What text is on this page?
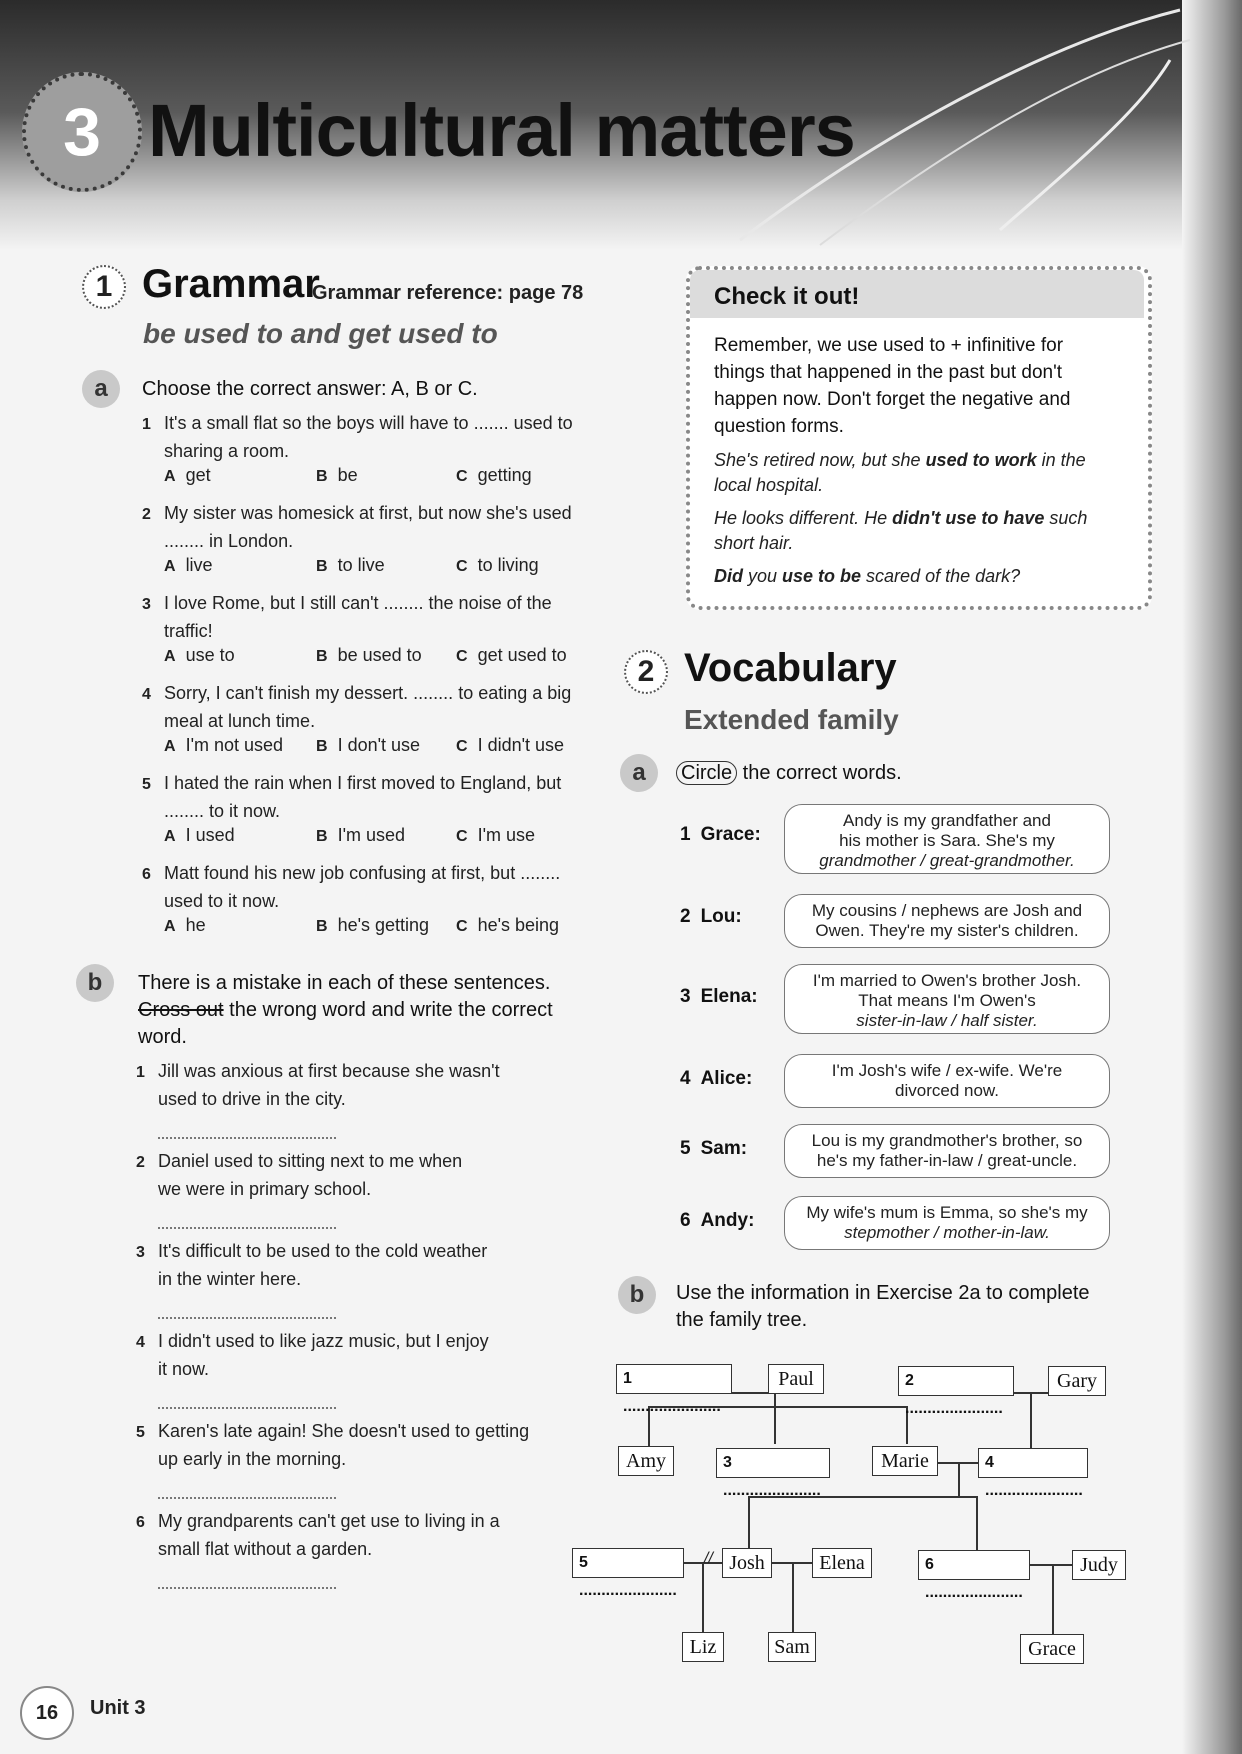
3 Multicultural matters
1 Grammar
Grammar reference: page 78
be used to and get used to
a	Choose the correct answer: A, B or C.
1 It's a small flat so the boys will have to ....... used to
sharing a room.
A get	B be	C getting
2 My sister was homesick at first, but now she's used
........ in London.
A live	B to live	C to living
3 I love Rome, but I still can't ........ the noise of the
traffic!
A use to	B be used to	C get used to
4 Sorry, I can't finish my dessert. ........ to eating a big
meal at lunch time.
A I'm not used	B I don't use	C I didn't use
5 I hated the rain when I first moved to England, but
........ to it now.
A I used	B I'm used	C I'm use
6 Matt found his new job confusing at first, but ........
used to it now.
A he	B he's getting	C he's being
b	There is a mistake in each of these sentences.
Cross out the wrong word and write the correct
word.
1 Jill was anxious at first because she wasn't
used to drive in the city.
2 Daniel used to sitting next to me when
we were in primary school.
3 It's difficult to be used to the cold weather
in the winter here.
4 I didn't used to like jazz music, but I enjoy
it now.
5 Karen's late again! She doesn't used to getting
up early in the morning.
6 My grandparents can't get use to living in a
small flat without a garden.
Check it out!
Remember, we use used to + infinitive for
things that happened in the past but don't
happen now. Don't forget the negative and
question forms.
She's retired now, but she used to work in the
local hospital.
He looks different. He didn't use to have such
short hair.
Did you use to be scared of the dark?
2 Vocabulary
Extended family
a	Circle the correct words.
1 Grace:
Andy is my grandfather and
his mother is Sara. She's my
grandmother / great-grandmother.
2 Lou:	My cousins / nephews are Josh and
Owen. They're my sister's children.
3 Elena:
I'm married to Owen's brother Josh.
That means I'm Owen's
sister-in-law / half sister.
4 Alice:	I'm Josh's wife / ex-wife. We're
divorced now.
5 Sam:	Lou is my grandmother's brother, so
he's my father-in-law / great-uncle.
6 Andy:	My wife's mum is Emma, so she's my
stepmother / mother-in-law.
b	Use the information in Exercise 2a to complete
the family tree.
//
1 ......................
Paul	2 ......................
Gary
Amy	3 ......................
Marie	4 ......................
5 ......................
Josh	Elena	6 ......................
Judy
Liz	Sam	Grace
16	Unit 3
